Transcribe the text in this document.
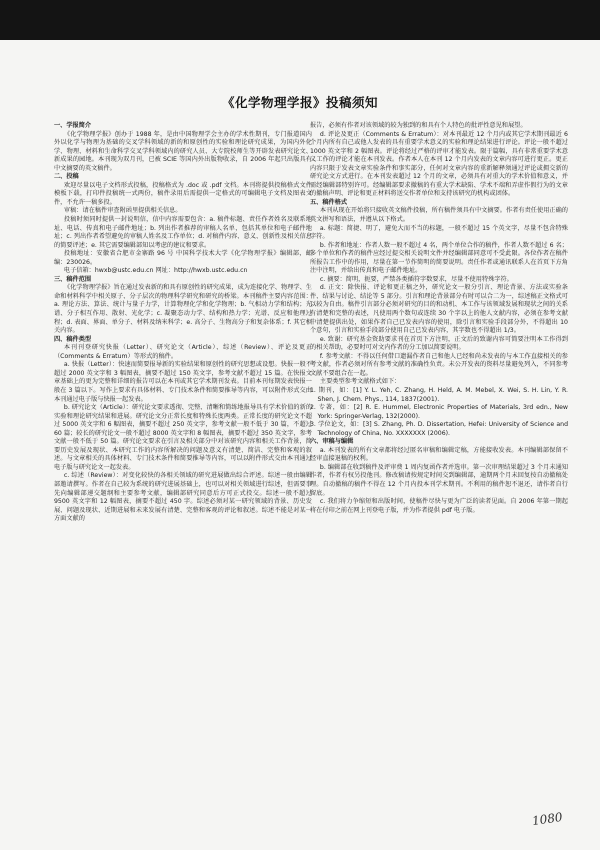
《化学物理学报》投稿须知

一、学报简介

《化学物理学报》创办于 1988 年，是由中国物理学会主办的学术性期刊，专门报道国内外以化学与物理为基础的交叉学科领域的新的和原创性的实验和理论研究成果，为国内外化学、物理、材料和生命科学交叉学科领域内的研究人员、大专院校师生等开辟发表研究论文、新成果的园地。本刊现为双月刊，已被 SCIE 等国内外出版物收录，自 2006 年起只出版具有中文摘要的英文稿件。

二、投稿

欢迎尽量以电子文档形式投稿，投稿格式为 .doc 或 .pdf 文档。本刊将提供投稿格式文件模板下载，打印件投稿统一式两份，稿件录用后需提供一定格式的可编辑电子文档及图表文件，不允许一稿多投。

审稿：请在稿件审查附函里提供相关信息。

投稿时须同时提供一封说明信，信中内容需要包含：a. 稿件标题、责任作者姓名及联系地址、电话、传真和电子邮件地址；b. 列出作者推荐的审稿人名单，包括其单位和电子邮件地址；c. 列出作者希望避免的审稿人姓名及工作单位；d. 对稿件内容、意义、创新性及相关信息的简要评述；e. 其它需要编辑部知以考虑的建议和要求。

投稿地址：安徽省合肥市金寨路 96 号 中国科学技术大学《化学物理学报》编辑部，邮编：230026。

电子信箱：hwxb@ustc.edu.cn 网址：http://hwxb.ustc.edu.cn

三、稿件范围

《化学物理学报》旨在通过发表新的和具有原创性的研究成果，成为连接化学、物理学、生命和材料科学中相关原子、分子层次的物理科学研究和研究的桥梁。本刊稿件主要内容范围：a. 理论方法、算法、统计与量子力学，计算物理化学和化学物理；b. 气相动力学和结构；光谱、分子相互作用、散射、光化学；c. 凝聚态动力学、结构和热力学；光谱、反应和他理过程；d. 表面、界面、单分子、材料及纳米科学；e. 高分子、生物高分子和复杂体系；f. 其它相关内容。

四、稿件类型

本刊刊登研究快报（Letter）、研究论文（Article）、综述（Review）、评论及更正（Comments & Erratum）等形式的稿件。

a. 快报（Letter）：快速而简要报导新的实验结果和原创性的研究思想或设想。快报一般不超过 2000 英文字和 3 幅图表，摘要不超过 150 英文字，参考文献不超过 15 篇。在快报文章基础上的更为完整和详细的报告可以在本刊或其它学术期刊发表。目前本刊每期发表快报一般在 3 篇以下。写作上要求有具体材料、专门技术条件和简要推导等内容，可以附件形式交由本刊通过电子版与快报一起发表。

b. 研究论文（Article）：研究论文要求透彻、完整、清晰和简练地报导具有学术价值的新的实验和理论研究结果和进展。研究论文分正常长度和特殊长度两类。正常长度的研究论文不超过 5000 英文字和 6 幅图表，摘要不超过 250 英文字，参考文献一般不低于 30 篇，不超过 60 篇；较长的研究论文一般不超过 8000 英文字和 8 幅图表，摘要不超过 350 英文字，参考文献一般不低于 50 篇。研究论文要求在引言及相关部分中对该研究内容和相关工作背景，简要历史发展及现状、本研究工作的内容所解决的问题及意义有清楚、简洁、完整和客观的叙述。与文章相关的具体材料、专门技术条件和简要推导等内容，可以以附件形式交由本刊通过电子版与研究论文一起发表。

c. 综述（Review）：对变化较快的各相关领域的研究进展做出综合评述。综述一般由编辑部邀请撰写。作者在自己较为系统的研究进展基础上，也可以对相关领域进行综述，但需要事先向编辑部递交题纲和主要参考文献，编辑部研究同意后方可正式投交。综述一般不超过 9500 英文字和 12 幅图表，摘要不超过 450 字。综述必须对某一研究领域的背景、历史发展、问题及现状、近期进展和未来发展有清楚、完整和客观的评论和叙述。综述不能是对某一方面文献的

报告，必须有作者对该领域的较为独到的和具有个人特色的批评性意见和展望。

d. 评论及更正（Comments & Erratum）：对本刊最近 12 个月内或其它学术期刊最近 6 个月内所有自己或他人发表的具有重要学术意义的实验和理论结果进行评论。评论一般不超过 1000 英文字和 2 幅图表。评论将经过严格的评审才能发表。限于篇幅，具有非常重要学术意义工作的评论才能在本刊发表。作者本人在本刊 12 个月内发表的文章内容可进行更正。更正内容只限于发表文章实验条件和事实部分，任何对文章内容的重新解释须通过评论或拥交新的研究论文方式进行。在本刊发表超过 12 个月的文章，必须具有对重大的学术价值和意义，并需经编辑部特别许可。经编辑部要求撤稿的有重大学术缺陷、学术不端和弄虚作假行为的文章的撤稿声明、评论和更正材料将送交作者单位和支持该研究的机构或团体。

五、稿件格式

本刊从现在开始将只接收英文稿件投稿，所有稿件须具有中文摘要。作者有责任使用正确的英文拼写和语法，并遵从以下格式。

a. 标题：简捷、明了，避免大而不当的标题，一般不超过 15 个英文字，尽量不包含特殊字符。

b. 作者和地址：作者人数一般不超过 4 名，两个单位合作的稿件，作者人数不超过 6 名；多个单位和作者的稿件应经过提交相关说明文件并经编辑部同意可不受此限。各位作者在稿件所报告工作中的作用，尽量在第一节作简明的简要说明。责任作者或通讯联系人在首页下方角注中注明，并给出传真和电子邮件地址。

c. 摘要：简明，扼要，严禁各类插符字数要求，尽量不使用特殊字符。

d. 正文：除快报、评论和更正稿之外，研究论文一般分引言、理论背景、方法或实验条件、结果与讨论、结论等 5 部分。引言和理论背景部分有时可以合二为一，综述稿正文格式可以较为自由。稿件引言部分必须对研究的目的和动机、本工作与该领域发展和现状之间的关系有清楚和完整的表述，凡使用两个数句或连续 30 个字以上的他人文献内容，必须在参考文献中清楚提供出处，如果作者自己已发表内容的使用，除引言和实验手段部分外，不得超出 10 个意句，引言和实验手段部分使用自己已发表内容，其字数也不得超出 1/3。

e. 致谢：研究基金资助要求刊在首页下方注明，正文后的致谢内容可简要注明本工作得到的相关帮助，必要时可对文内作者的分工加以简要说明。

f. 参考文献：不得以任何借口遗漏作者自己和他人已经和尚未发表的与本工作直接相关的参考文献，作者必须对所有参考文献的准确性负责。未公开发表的资料尽量避免列入，不同参考文献不要组合在一起。

主要类型参考文献格式如下：

1. 期刊，如：[1] Y. L. Yeh, C. Zhang, H. Held, A. M. Mebel, X. Wei, S. H. Lin, Y. R. Shen, J. Chem. Phys., 114, 1837(2001).

2. 专著，如：[2] R. E. Hummel, Electronic Properties of Materials, 3rd edn., New York: Springer-Verlag, 132(2000).

3. 学位论文，如：[3] S. Zhang, Ph. D. Dissertation, Hefei: University of Science and Technology of China, No. XXXXXXX (2006).

六、审稿与编辑

a. 本刊发表的所有文章都将经过匿名审稿和编辑定稿，方能接收发表。本刊编辑部保留不经审直接退稿的权利。

b. 编辑部在收到稿件及评审费 1 周内复函作者并选审。第一次审理结果超过 3 个月未通知作者，作者有权另投他刊。修改稿请按规定时间交到编辑部，逾期两个月未回复按自动撤稿处理。自动撤稿的稿件不得在 12 个月内投本刊学术期刊。不利用的稿件恕不退还，请作者自行留底。

c. 我们将力争缩短和出版时间，使稿件尽快与更为广泛的读者见面。自 2006 年第一期起将在付印之前在网上刊登电子版，并为作者提供 pdf 电子版。

1080
